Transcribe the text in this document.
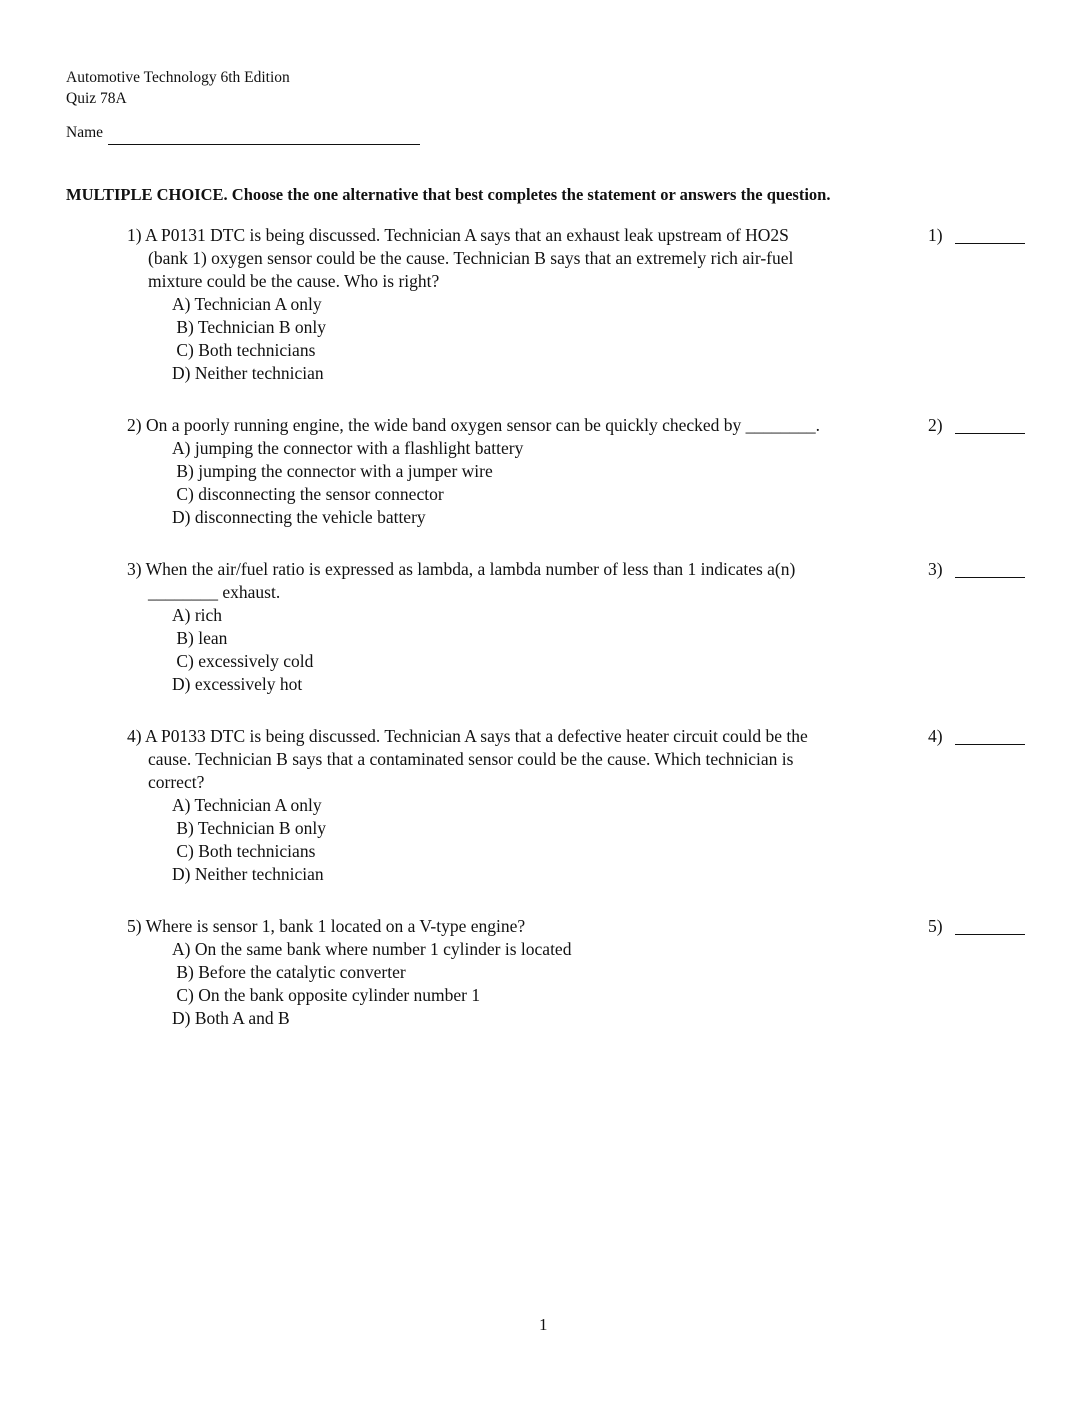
Automotive Technology 6th Edition
Quiz 78A
Name
MULTIPLE CHOICE. Choose the one alternative that best completes the statement or answers the question.
1) A P0131 DTC is being discussed. Technician A says that an exhaust leak upstream of HO2S
(bank 1) oxygen sensor could be the cause. Technician B says that an extremely rich air-fuel
mixture could be the cause. Who is right?
A) Technician A only
B) Technician B only
C) Both technicians
D) Neither technician
1)
2) On a poorly running engine, the wide band oxygen sensor can be quickly checked by ________.
A) jumping the connector with a flashlight battery
B) jumping the connector with a jumper wire
C) disconnecting the sensor connector
D) disconnecting the vehicle battery
2)
3) When the air/fuel ratio is expressed as lambda, a lambda number of less than 1 indicates a(n)
________ exhaust.
A) rich
B) lean
C) excessively cold
D) excessively hot
3)
4) A P0133 DTC is being discussed. Technician A says that a defective heater circuit could be the
cause. Technician B says that a contaminated sensor could be the cause. Which technician is
correct?
A) Technician A only
B) Technician B only
C) Both technicians
D) Neither technician
4)
5) Where is sensor 1, bank 1 located on a V-type engine?
A) On the same bank where number 1 cylinder is located
B) Before the catalytic converter
C) On the bank opposite cylinder number 1
D) Both A and B
5)
1
